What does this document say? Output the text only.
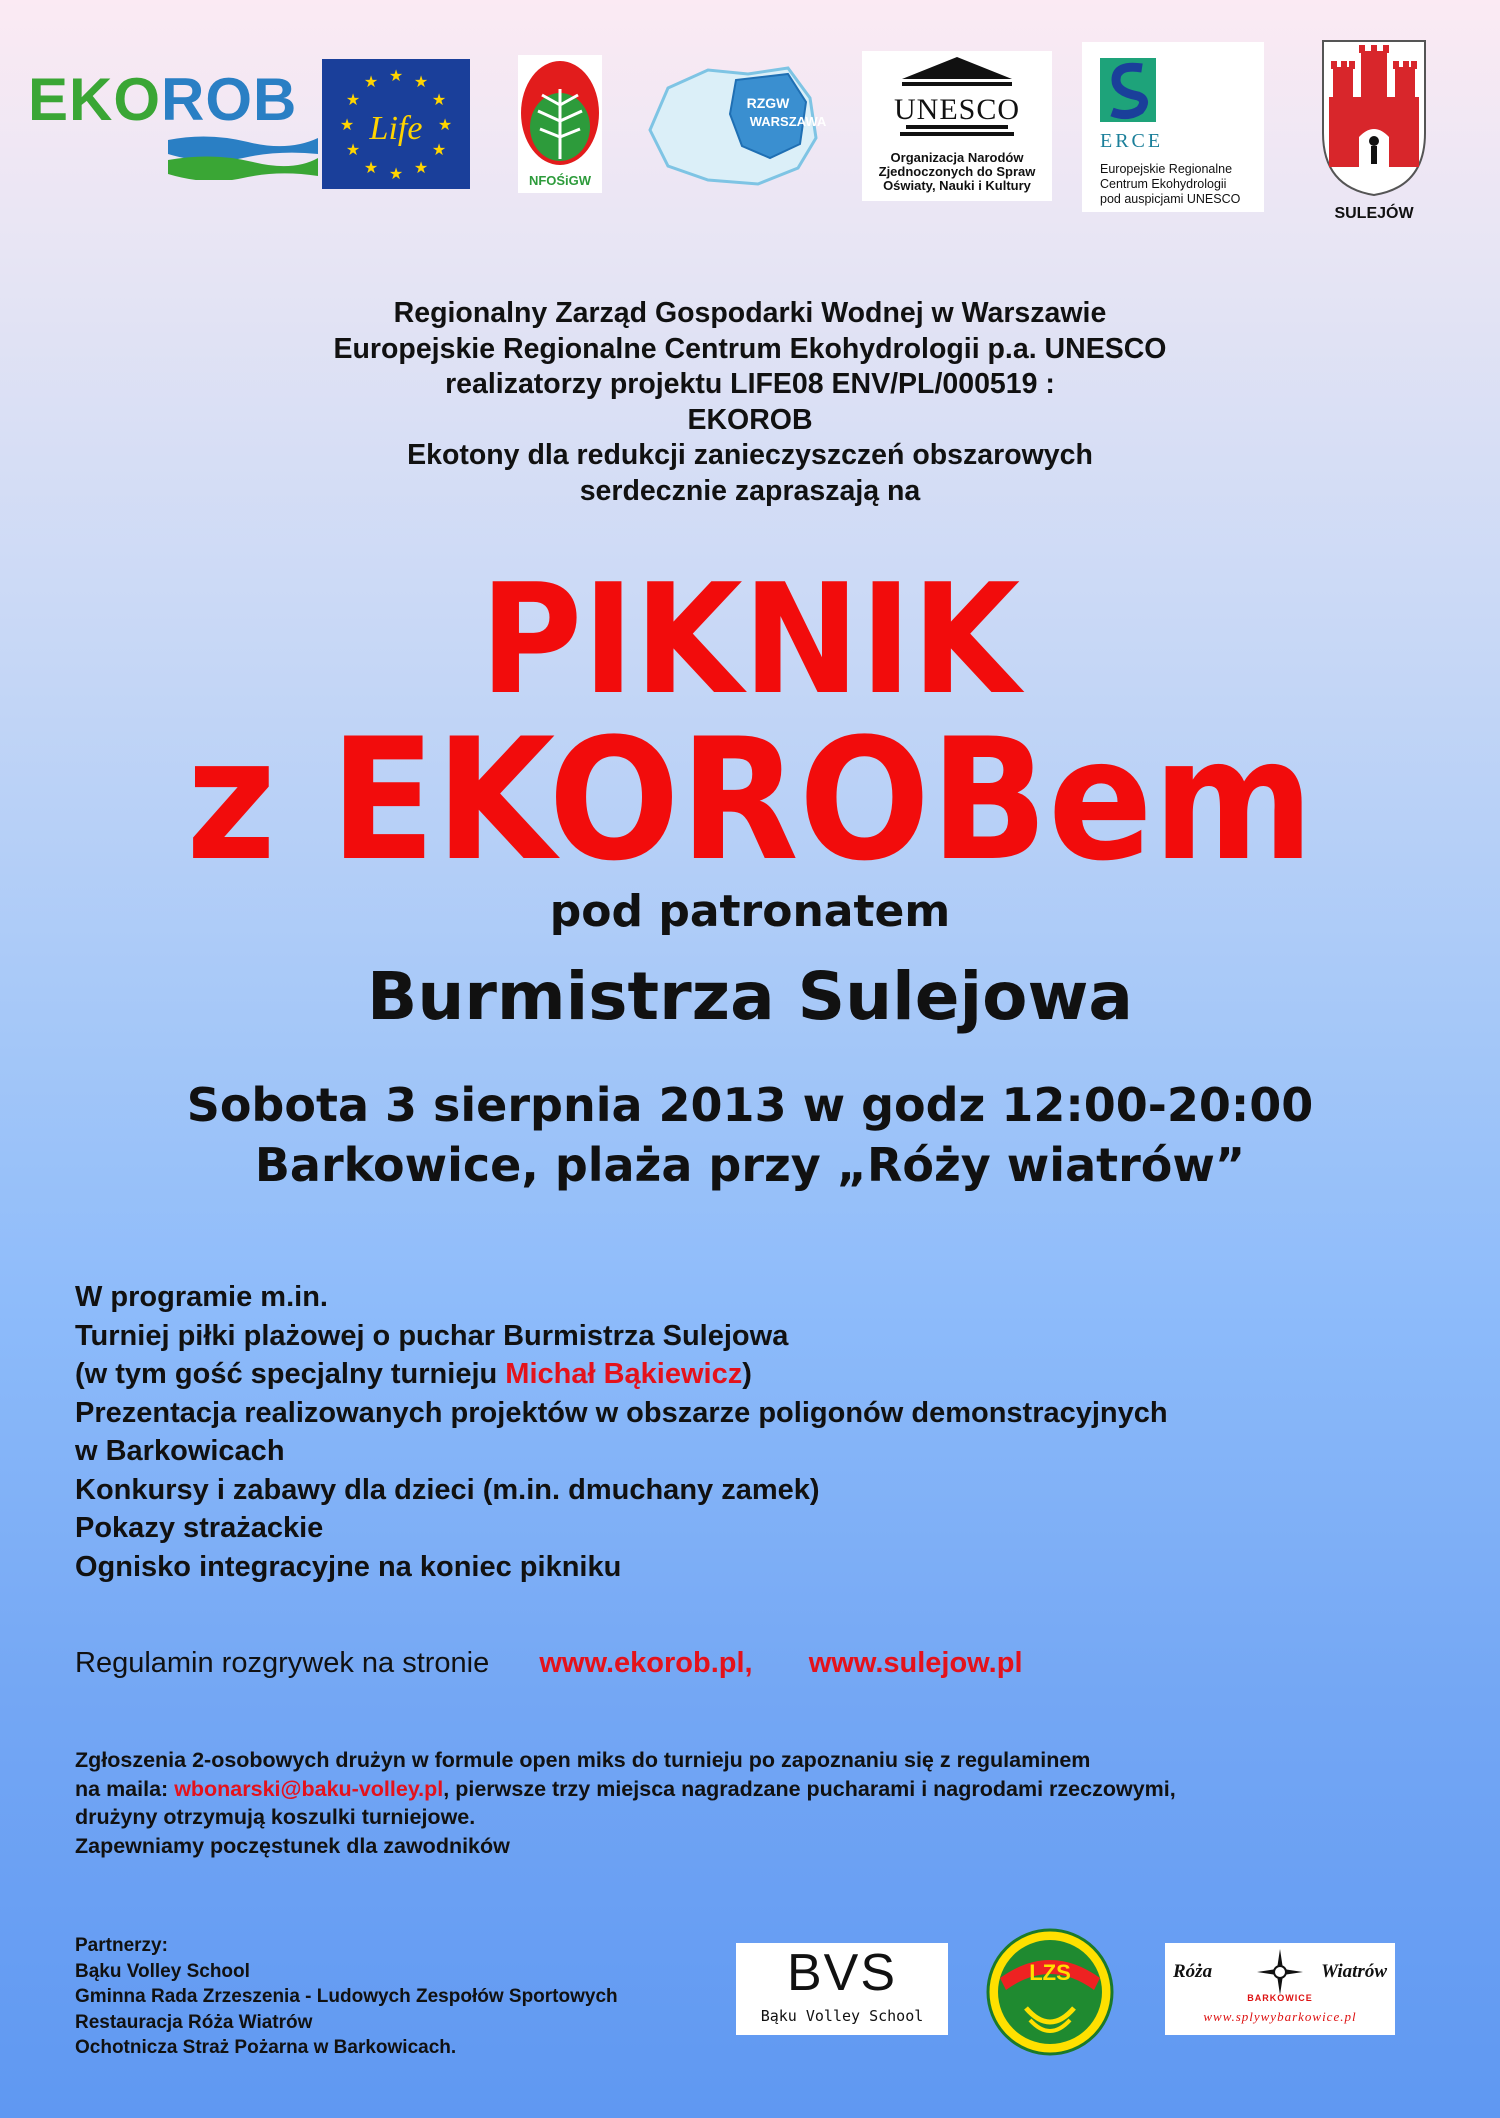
EKOROB	★ ★
★
★
★
★
★
★
★
★
★
★
Life
NFOŚiGW
RZGW
WARSZAWA UNESCO
Organizacja Narodów
Zjednoczonych do Spraw
Oświaty, Nauki i Kultury
ERCE
Europejskie Regionalne
Centrum Ekohydrologii
pod auspicjami UNESCO
SULEJÓW
Regionalny Zarząd Gospodarki Wodnej w Warszawie
Europejskie Regionalne Centrum Ekohydrologii p.a. UNESCO
realizatorzy projektu LIFE08 ENV/PL/000519 :
EKOROB
Ekotony dla redukcji zanieczyszczeń obszarowych
serdecznie zapraszają na
PIKNIK
z EKOROBem
pod patronatem
Burmistrza Sulejowa
Sobota 3 sierpnia 2013 w godz 12:00-20:00
Barkowice, plaża przy „Róży wiatrów”
W programie m.in.
Turniej piłki plażowej o puchar Burmistrza Sulejowa
(w tym gość specjalny turnieju Michał Bąkiewicz)
Prezentacja realizowanych projektów w obszarze poligonów demonstracyjnych
w Barkowicach
Konkursy i zabawy dla dzieci (m.in. dmuchany zamek)
Pokazy strażackie
Ognisko integracyjne na koniec pikniku
Regulamin rozgrywek na stronie www.ekorob.pl, www.sulejow.pl
Zgłoszenia 2-osobowych drużyn w formule open miks do turnieju po zapoznaniu się z regulaminem
na maila: wbonarski@baku-volley.pl, pierwsze trzy miejsca nagradzane pucharami i nagrodami rzeczowymi,
drużyny otrzymują koszulki turniejowe.
Zapewniamy poczęstunek dla zawodników
Partnerzy:
Bąku Volley School
Gminna Rada Zrzeszenia - Ludowych Zespołów Sportowych
Restauracja Róża Wiatrów
Ochotnicza Straż Pożarna w Barkowicach.
BVS
Bąku Volley School
LZS	Róża	Wiatrów
BARKOWICE
www.splywybarkowice.pl
